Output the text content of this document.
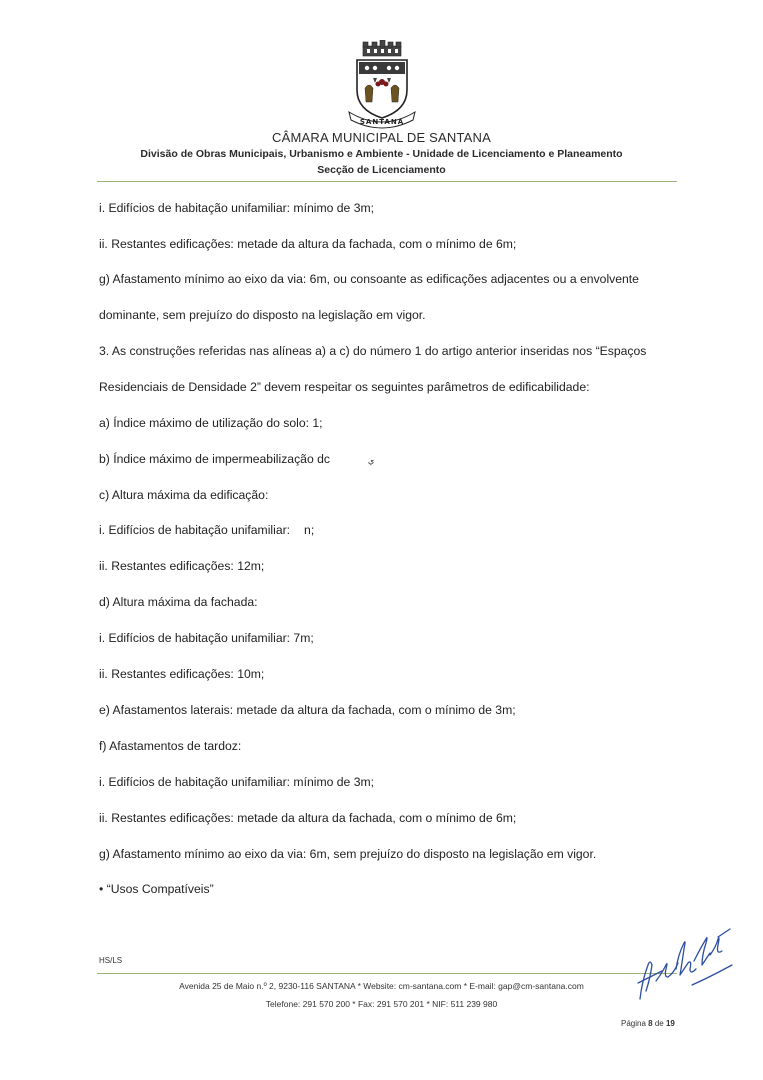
SANTANA
CÂMARA MUNICIPAL DE SANTANA
Divisão de Obras Municipais, Urbanismo e Ambiente - Unidade de Licenciamento e Planeamento
Secção de Licenciamento
i. Edifícios de habitação unifamiliar: mínimo de 3m;
ii. Restantes edificações: metade da altura da fachada, com o mínimo de 6m;
g) Afastamento mínimo ao eixo da via: 6m, ou consoante as edificações adjacentes ou a envolvente
dominante, sem prejuízo do disposto na legislação em vigor.
3. As construções referidas nas alíneas a) a c) do número 1 do artigo anterior inseridas nos “Espaços
Residenciais de Densidade 2” devem respeitar os seguintes parâmetros de edificabilidade:
a) Índice máximo de utilização do solo: 1;
b) Índice máximo de impermeabilização dc	ي
c) Altura máxima da edificação:
i. Edifícios de habitação unifamiliar: n;
ii. Restantes edificações: 12m;
d) Altura máxima da fachada:
i. Edifícios de habitação unifamiliar: 7m;
ii. Restantes edificações: 10m;
e) Afastamentos laterais: metade da altura da fachada, com o mínimo de 3m;
f) Afastamentos de tardoz:
i. Edifícios de habitação unifamiliar: mínimo de 3m;
ii. Restantes edificações: metade da altura da fachada, com o mínimo de 6m;
g) Afastamento mínimo ao eixo da via: 6m, sem prejuízo do disposto na legislação em vigor.
• “Usos Compatíveis”
HS/LS
Avenida 25 de Maio n.º 2, 9230-116 SANTANA * Website: cm-santana.com * E-mail: gap@cm-santana.com
Telefone: 291 570 200 * Fax: 291 570 201 * NIF: 511 239 980
Página 8 de 19
